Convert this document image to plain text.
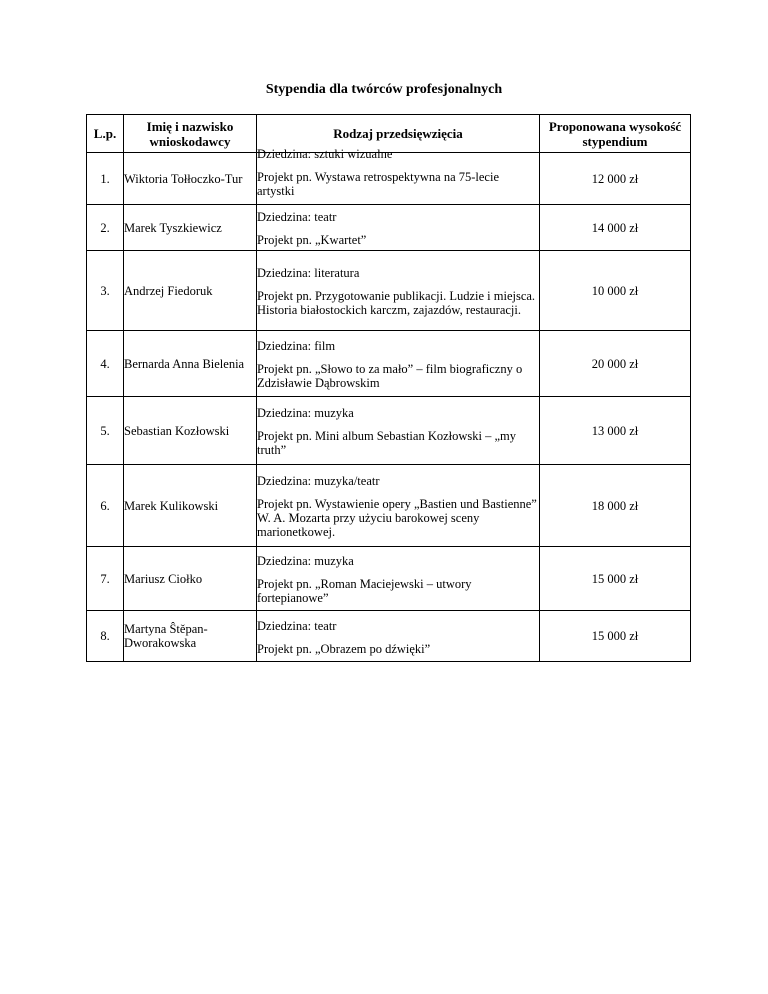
Stypendia dla twórców profesjonalnych
L.p.	Imię i nazwisko wnioskodawcy	Rodzaj przedsięwzięcia	Proponowana wysokość stypendium
1.	Wiktoria Tołłoczko-Tur	Dziedzina: sztuki wizualne
Projekt pn. Wystawa retrospektywna na 75-lecie artystki	12 000 zł
2.	Marek Tyszkiewicz	Dziedzina: teatr
Projekt pn. „Kwartet”	14 000 zł
3.	Andrzej Fiedoruk	Dziedzina: literatura
Projekt pn. Przygotowanie publikacji. Ludzie i miejsca. Historia białostockich karczm, zajazdów, restauracji.	10 000 zł
4.	Bernarda Anna Bielenia	Dziedzina: film
Projekt pn. „Słowo to za mało” – film biograficzny o Zdzisławie Dąbrowskim	20 000 zł
5.	Sebastian Kozłowski	Dziedzina: muzyka
Projekt pn. Mini album Sebastian Kozłowski – „my truth”	13 000 zł
6.	Marek Kulikowski	Dziedzina: muzyka/teatr
Projekt pn. Wystawienie opery „Bastien und Bastienne” W. A. Mozarta przy użyciu barokowej sceny marionetkowej.	18 000 zł
7.	Mariusz Ciołko	Dziedzina: muzyka
Projekt pn. „Roman Maciejewski – utwory fortepianowe”	15 000 zł
8.	Martyna Ŝtěpan-Dworakowska	Dziedzina: teatr
Projekt pn. „Obrazem po dźwięki”	15 000 zł
